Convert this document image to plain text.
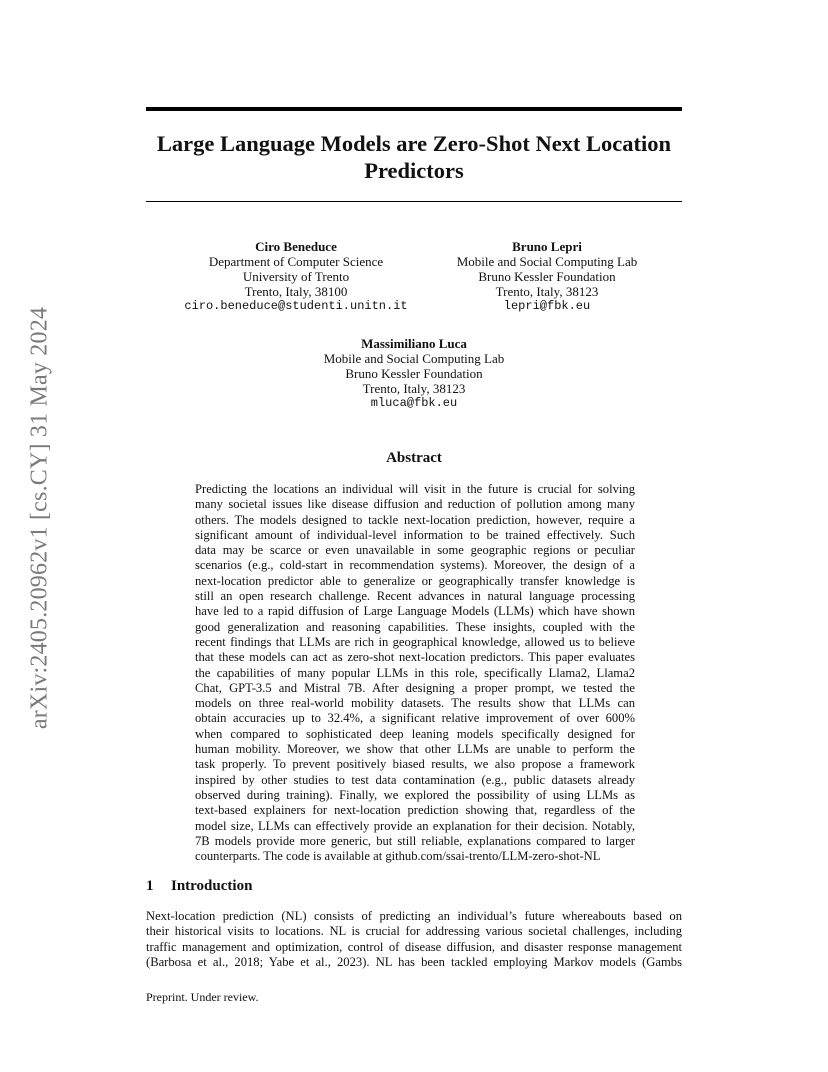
arXiv:2405.20962v1 [cs.CY] 31 May 2024
Large Language Models are Zero-Shot Next Location
Predictors
Ciro Beneduce
Department of Computer Science
University of Trento
Trento, Italy, 38100
ciro.beneduce@studenti.unitn.it
Bruno Lepri
Mobile and Social Computing Lab
Bruno Kessler Foundation
Trento, Italy, 38123
lepri@fbk.eu
Massimiliano Luca
Mobile and Social Computing Lab
Bruno Kessler Foundation
Trento, Italy, 38123
mluca@fbk.eu
Abstract
Predicting the locations an individual will visit in the future is crucial for solving
many societal issues like disease diffusion and reduction of pollution among many
others. The models designed to tackle next-location prediction, however, require a
significant amount of individual-level information to be trained effectively. Such
data may be scarce or even unavailable in some geographic regions or peculiar
scenarios (e.g., cold-start in recommendation systems). Moreover, the design of a
next-location predictor able to generalize or geographically transfer knowledge is
still an open research challenge. Recent advances in natural language processing
have led to a rapid diffusion of Large Language Models (LLMs) which have shown
good generalization and reasoning capabilities. These insights, coupled with the
recent findings that LLMs are rich in geographical knowledge, allowed us to believe
that these models can act as zero-shot next-location predictors. This paper evaluates
the capabilities of many popular LLMs in this role, specifically Llama2, Llama2
Chat, GPT-3.5 and Mistral 7B. After designing a proper prompt, we tested the
models on three real-world mobility datasets. The results show that LLMs can
obtain accuracies up to 32.4%, a significant relative improvement of over 600%
when compared to sophisticated deep leaning models specifically designed for
human mobility. Moreover, we show that other LLMs are unable to perform the
task properly. To prevent positively biased results, we also propose a framework
inspired by other studies to test data contamination (e.g., public datasets already
observed during training). Finally, we explored the possibility of using LLMs as
text-based explainers for next-location prediction showing that, regardless of the
model size, LLMs can effectively provide an explanation for their decision. Notably,
7B models provide more generic, but still reliable, explanations compared to larger
counterparts. The code is available at github.com/ssai-trento/LLM-zero-shot-NL
1 Introduction
Next-location prediction (NL) consists of predicting an individual’s future whereabouts based on
their historical visits to locations. NL is crucial for addressing various societal challenges, including
traffic management and optimization, control of disease diffusion, and disaster response management
(Barbosa et al., 2018; Yabe et al., 2023). NL has been tackled employing Markov models (Gambs

Preprint. Under review.
